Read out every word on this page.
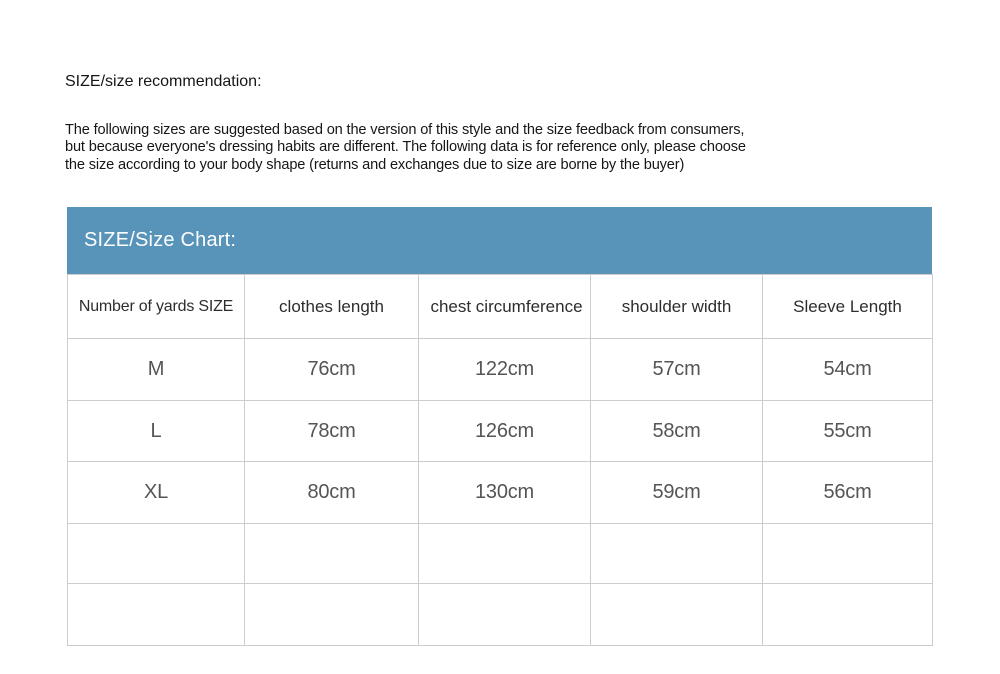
SIZE/size recommendation:
The following sizes are suggested based on the version of this style and the size feedback from consumers,
but because everyone's dressing habits are different. The following data is for reference only, please choose
the size according to your body shape (returns and exchanges due to size are borne by the buyer)
SIZE/Size Chart:
Number of yards SIZE	clothes length	chest circumference	shoulder width	Sleeve Length
M	76cm	122cm	57cm	54cm
L	78cm	126cm	58cm	55cm
XL	80cm	130cm	59cm	56cm
